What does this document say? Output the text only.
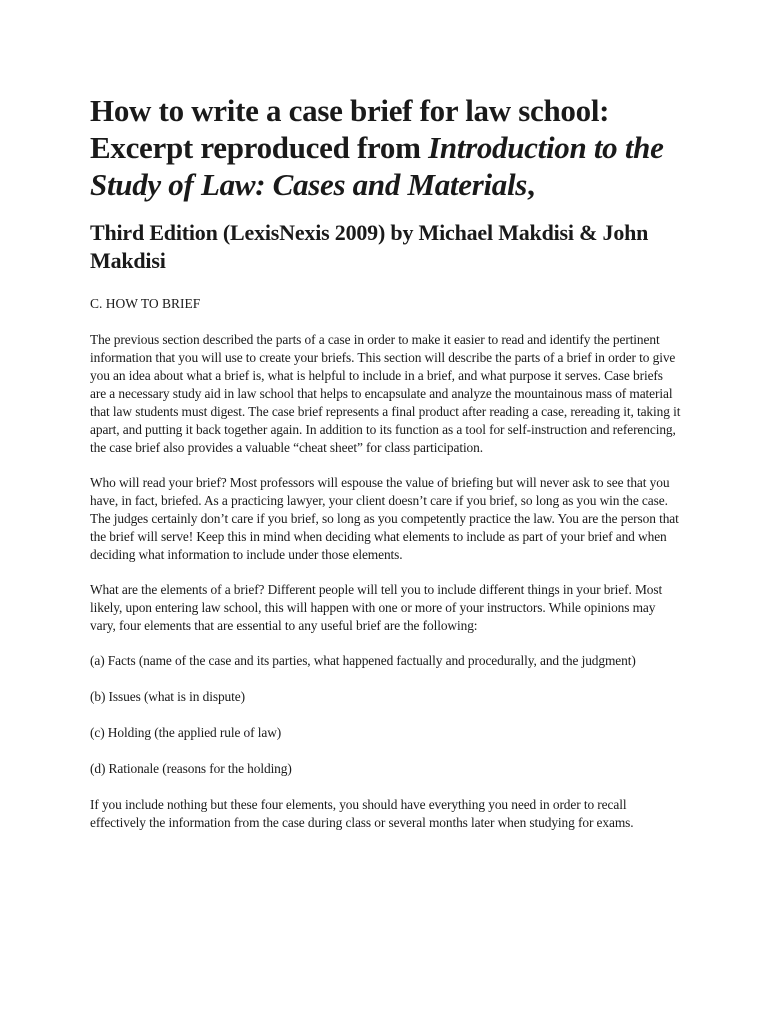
How to write a case brief for law school: Excerpt reproduced from Introduction to the Study of Law: Cases and Materials,
Third Edition (LexisNexis 2009) by Michael Makdisi & John Makdisi
C. HOW TO BRIEF

The previous section described the parts of a case in order to make it easier to read and identify the pertinent information that you will use to create your briefs. This section will describe the parts of a brief in order to give you an idea about what a brief is, what is helpful to include in a brief, and what purpose it serves. Case briefs are a necessary study aid in law school that helps to encapsulate and analyze the mountainous mass of material that law students must digest. The case brief represents a final product after reading a case, rereading it, taking it apart, and putting it back together again. In addition to its function as a tool for self-instruction and referencing, the case brief also provides a valuable “cheat sheet” for class participation.

Who will read your brief? Most professors will espouse the value of briefing but will never ask to see that you have, in fact, briefed. As a practicing lawyer, your client doesn’t care if you brief, so long as you win the case. The judges certainly don’t care if you brief, so long as you competently practice the law. You are the person that the brief will serve! Keep this in mind when deciding what elements to include as part of your brief and when deciding what information to include under those elements.

What are the elements of a brief? Different people will tell you to include different things in your brief. Most likely, upon entering law school, this will happen with one or more of your instructors. While opinions may vary, four elements that are essential to any useful brief are the following:

(a) Facts (name of the case and its parties, what happened factually and procedurally, and the judgment)

(b) Issues (what is in dispute)

(c) Holding (the applied rule of law)

(d) Rationale (reasons for the holding)

If you include nothing but these four elements, you should have everything you need in order to recall effectively the information from the case during class or several months later when studying for exams.
